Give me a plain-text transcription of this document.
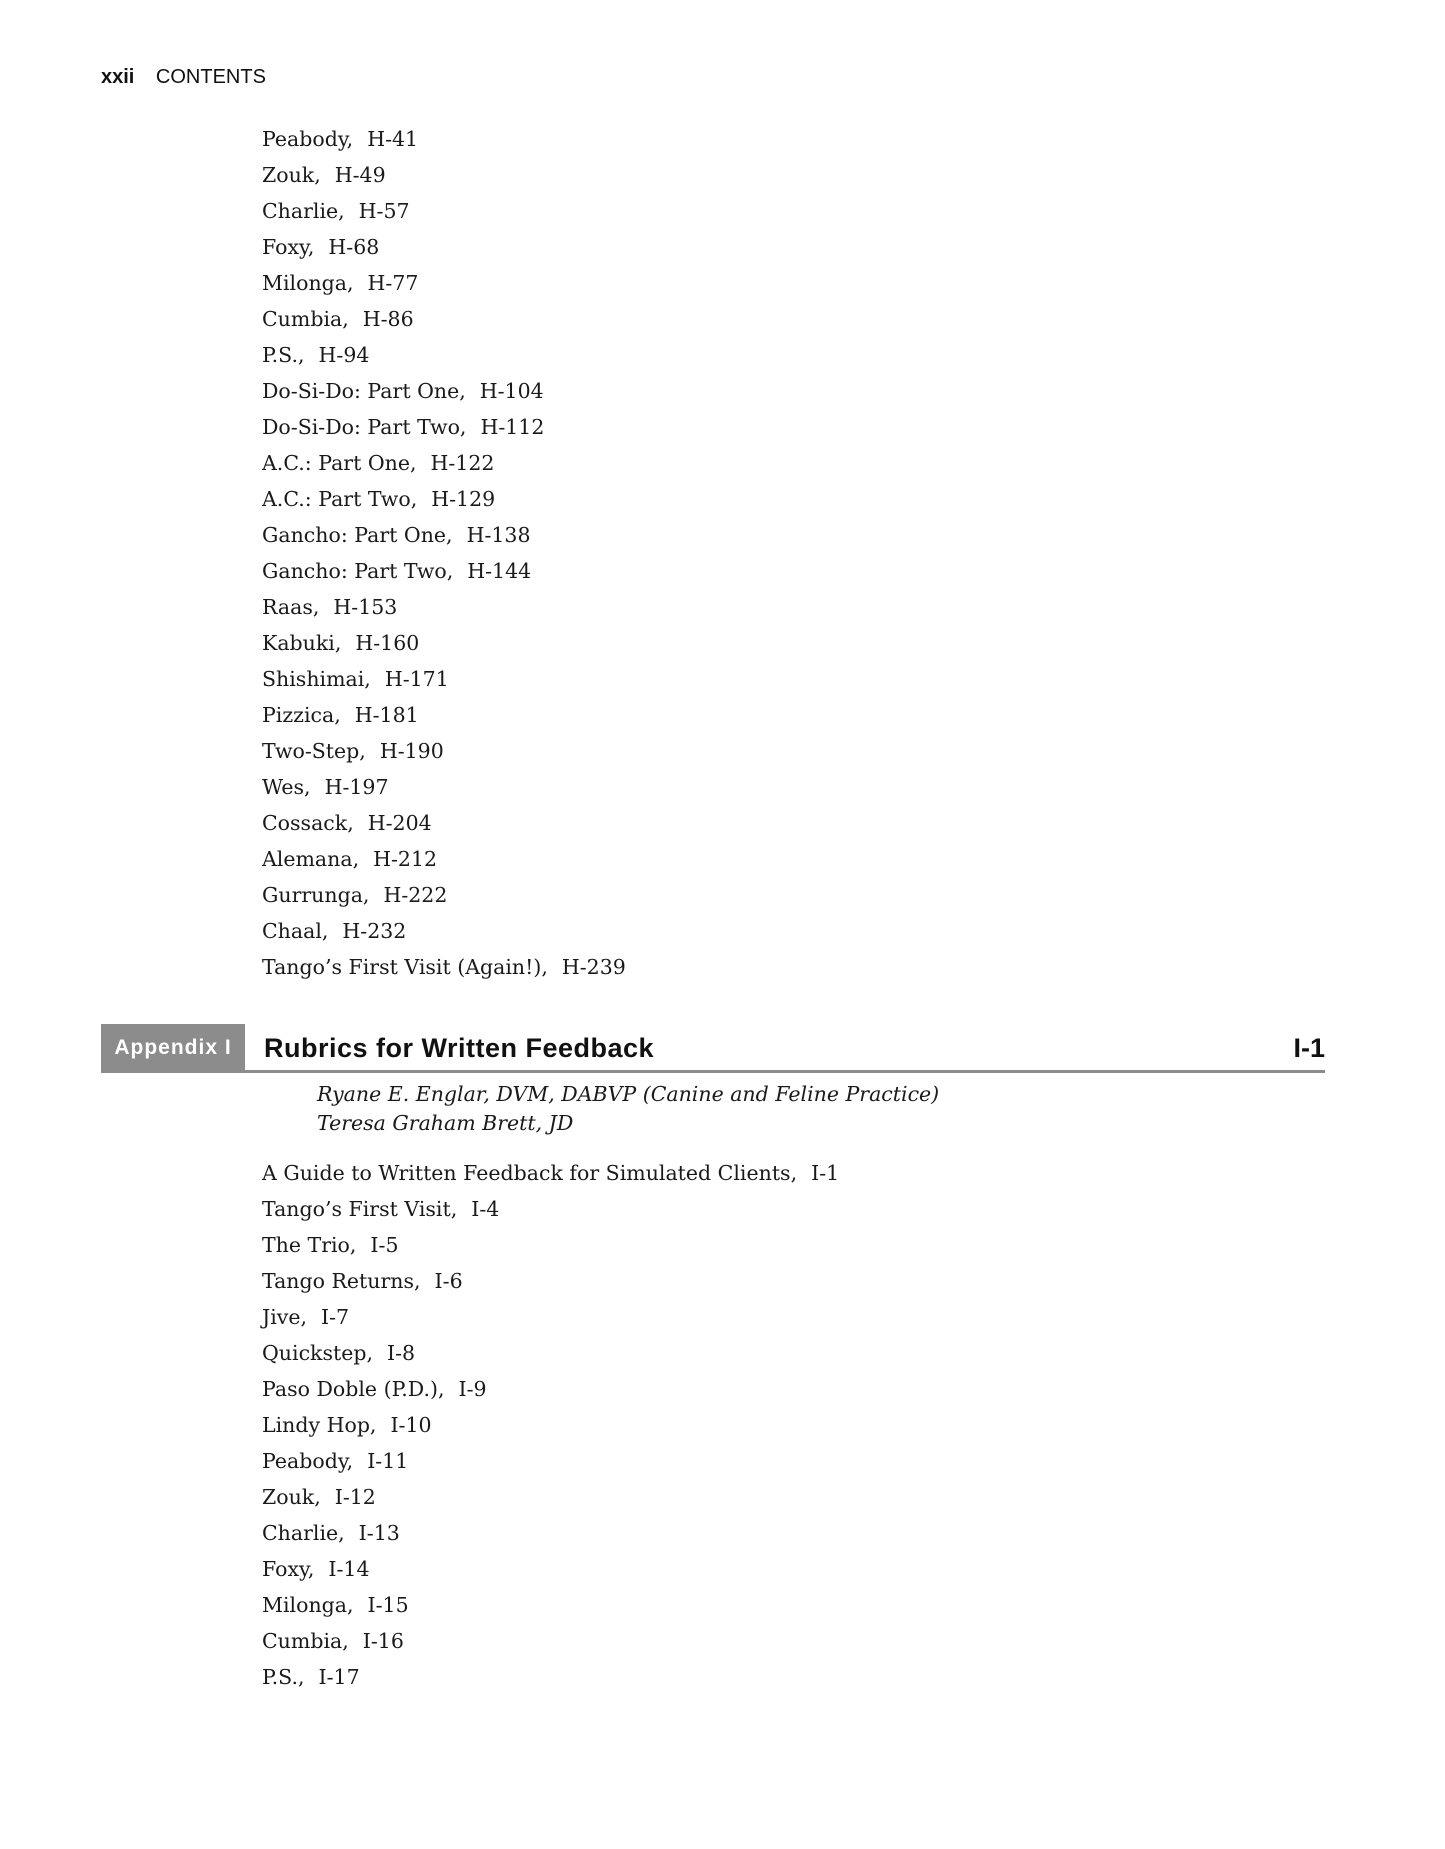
xxii CONTENTS
Peabody, H-41
Zouk, H-49
Charlie, H-57
Foxy, H-68
Milonga, H-77
Cumbia, H-86
P.S., H-94
Do-Si-Do: Part One, H-104
Do-Si-Do: Part Two, H-112
A.C.: Part One, H-122
A.C.: Part Two, H-129
Gancho: Part One, H-138
Gancho: Part Two, H-144
Raas, H-153
Kabuki, H-160
Shishimai, H-171
Pizzica, H-181
Two-Step, H-190
Wes, H-197
Cossack, H-204
Alemana, H-212
Gurrunga, H-222
Chaal, H-232
Tango’s First Visit (Again!), H-239
Appendix I	Rubrics for Written Feedback	I-1
Ryane E. Englar, DVM, DABVP (Canine and Feline Practice)
Teresa Graham Brett, JD
A Guide to Written Feedback for Simulated Clients, I-1
Tango’s First Visit, I-4
The Trio, I-5
Tango Returns, I-6
Jive, I-7
Quickstep, I-8
Paso Doble (P.D.), I-9
Lindy Hop, I-10
Peabody, I-11
Zouk, I-12
Charlie, I-13
Foxy, I-14
Milonga, I-15
Cumbia, I-16
P.S., I-17
